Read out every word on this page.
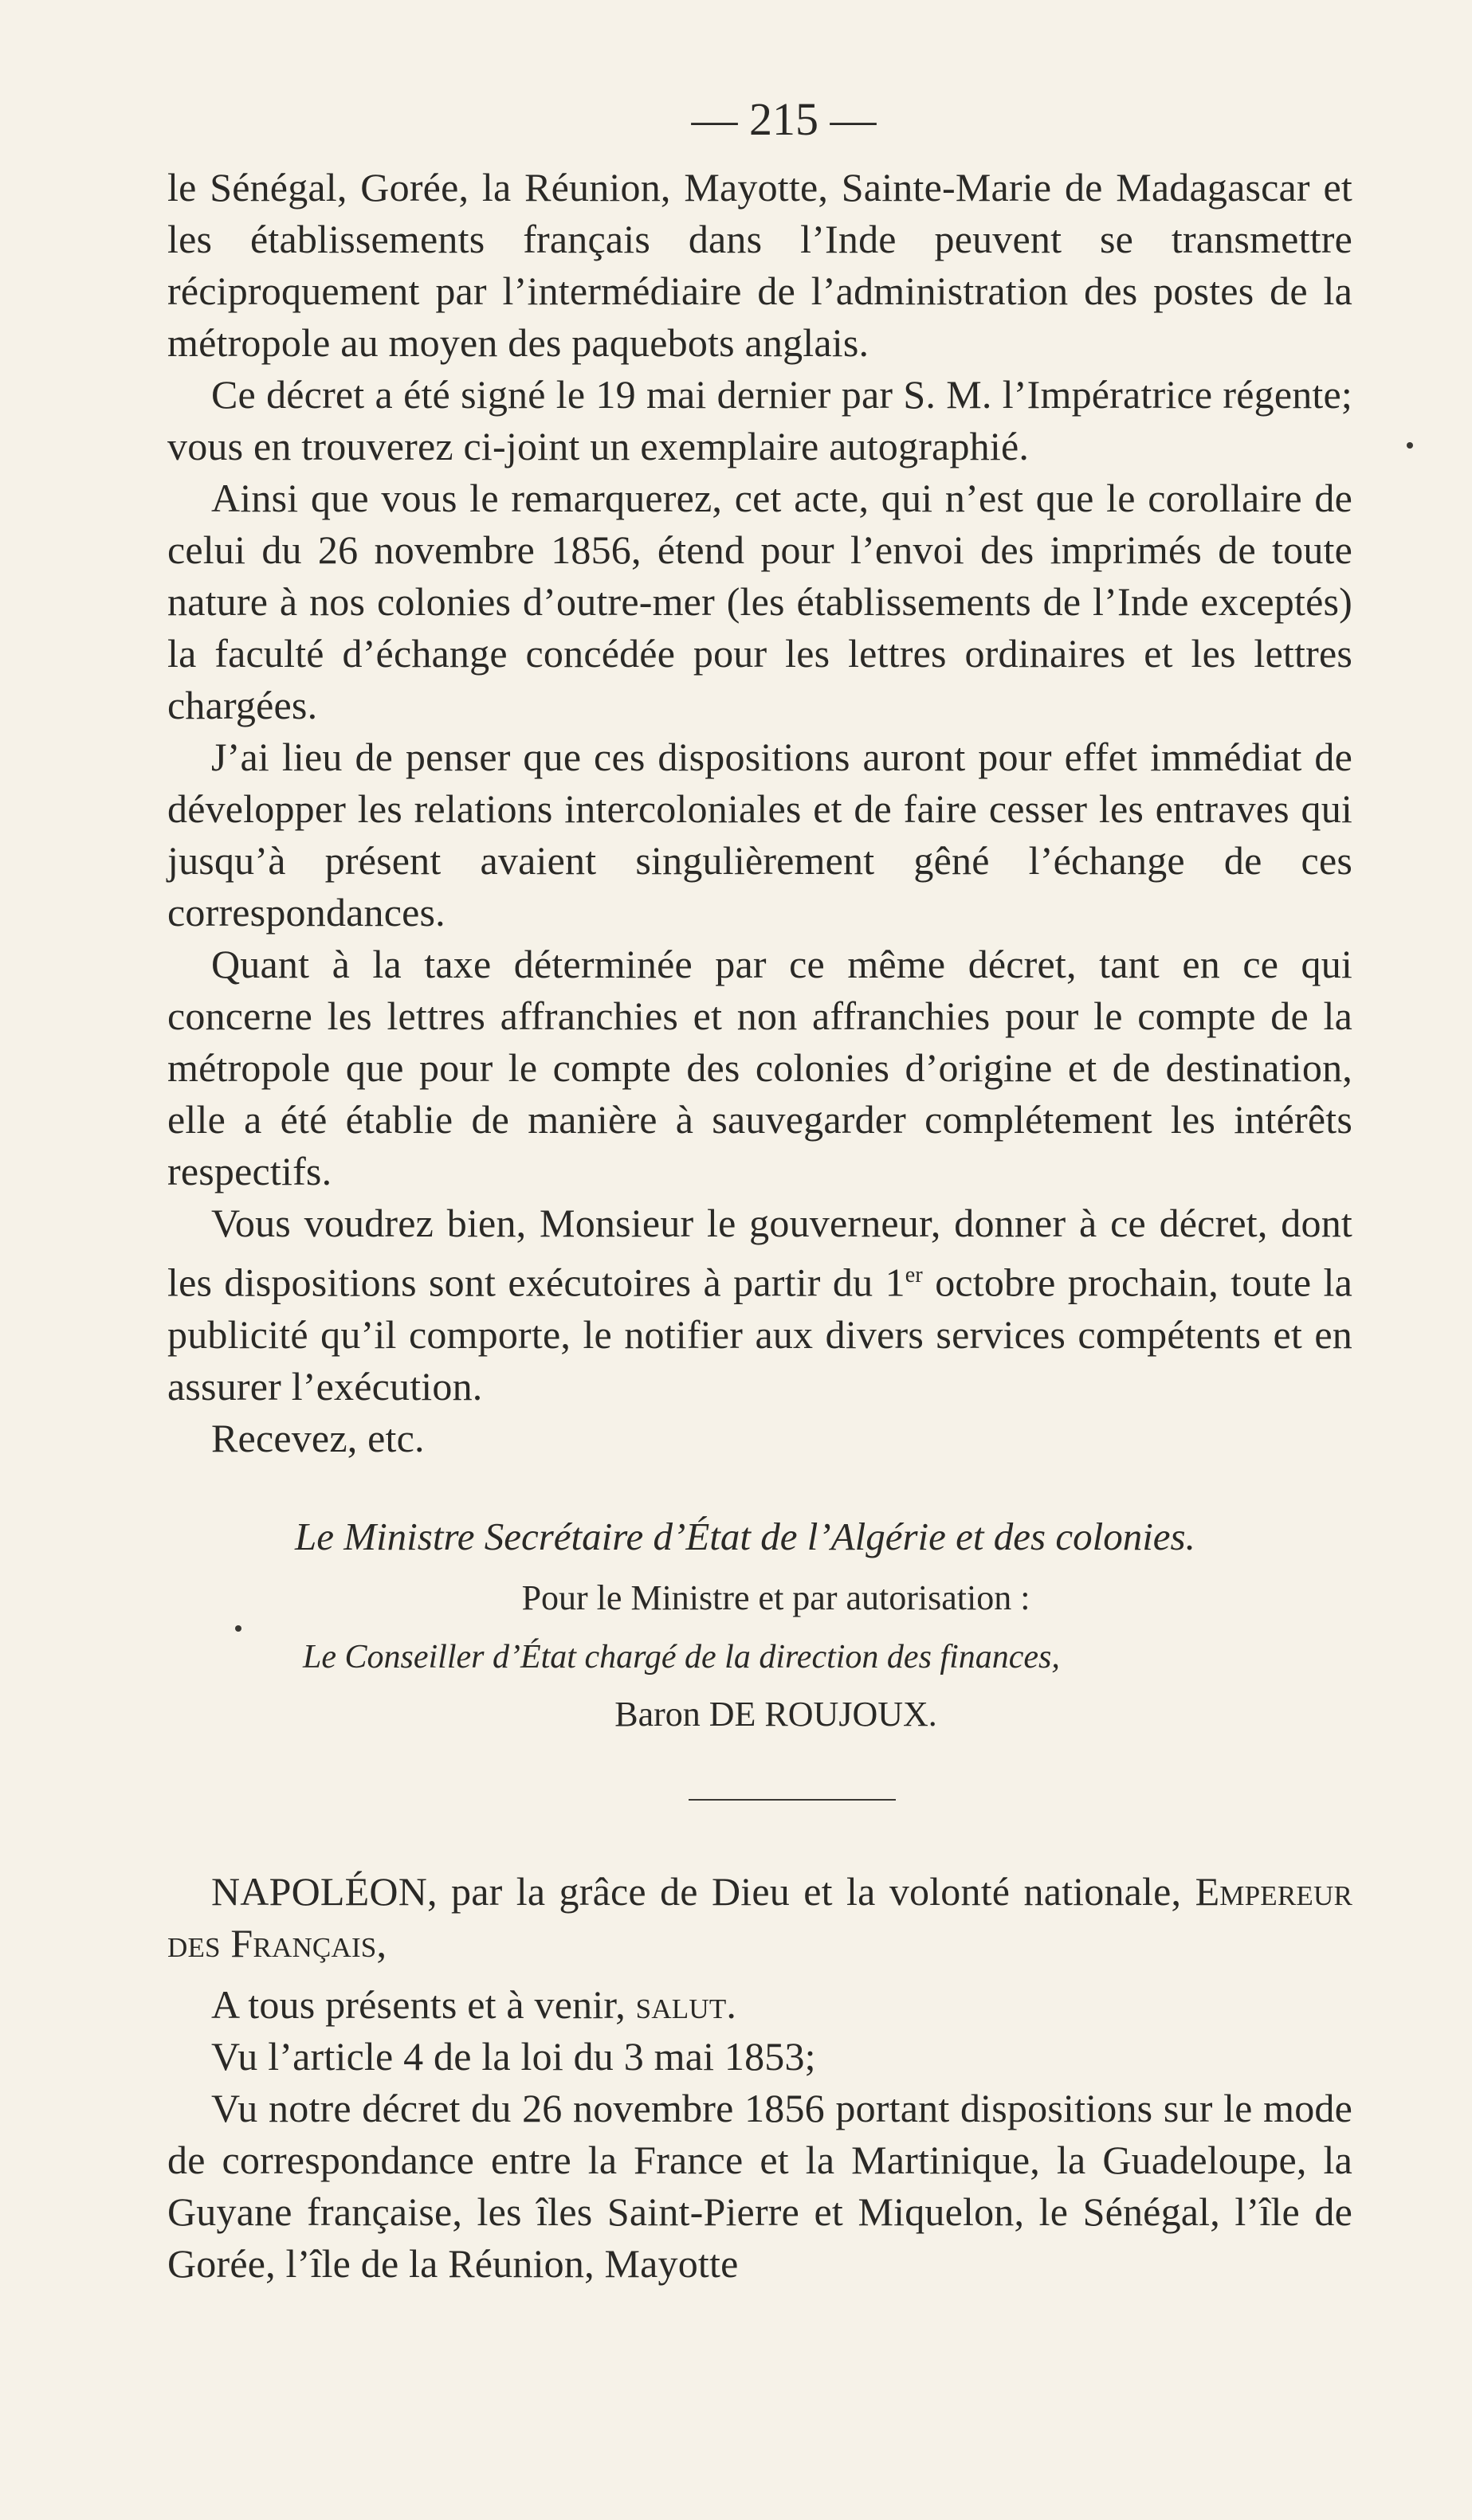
— 215 —

le Sénégal, Gorée, la Réunion, Mayotte, Sainte-Marie de Madagascar et les établissements français dans l’Inde peuvent se transmettre réciproquement par l’intermédiaire de l’administration des postes de la métropole au moyen des paquebots anglais.

Ce décret a été signé le 19 mai dernier par S. M. l’Impératrice régente; vous en trouverez ci-joint un exemplaire autographié.

Ainsi que vous le remarquerez, cet acte, qui n’est que le corollaire de celui du 26 novembre 1856, étend pour l’envoi des imprimés de toute nature à nos colonies d’outre-mer (les établissements de l’Inde exceptés) la faculté d’échange concédée pour les lettres ordinaires et les lettres chargées.

J’ai lieu de penser que ces dispositions auront pour effet immédiat de développer les relations intercoloniales et de faire cesser les entraves qui jusqu’à présent avaient singulièrement gêné l’échange de ces correspondances.

Quant à la taxe déterminée par ce même décret, tant en ce qui concerne les lettres affranchies et non affranchies pour le compte de la métropole que pour le compte des colonies d’origine et de destination, elle a été établie de manière à sauvegarder complétement les intérêts respectifs.

Vous voudrez bien, Monsieur le gouverneur, donner à ce décret, dont les dispositions sont exécutoires à partir du 1er octobre prochain, toute la publicité qu’il comporte, le notifier aux divers services compétents et en assurer l’exécution.

Recevez, etc.

Le Ministre Secrétaire d’État de l’Algérie et des colonies.
Pour le Ministre et par autorisation :
Le Conseiller d’État chargé de la direction des finances,
Baron DE ROUJOUX.

NAPOLÉON, par la grâce de Dieu et la volonté nationale, Empereur des Français,

A tous présents et à venir, salut.

Vu l’article 4 de la loi du 3 mai 1853;

Vu notre décret du 26 novembre 1856 portant dispositions sur le mode de correspondance entre la France et la Martinique, la Guadeloupe, la Guyane française, les îles Saint-Pierre et Miquelon, le Sénégal, l’île de Gorée, l’île de la Réunion, Mayotte
